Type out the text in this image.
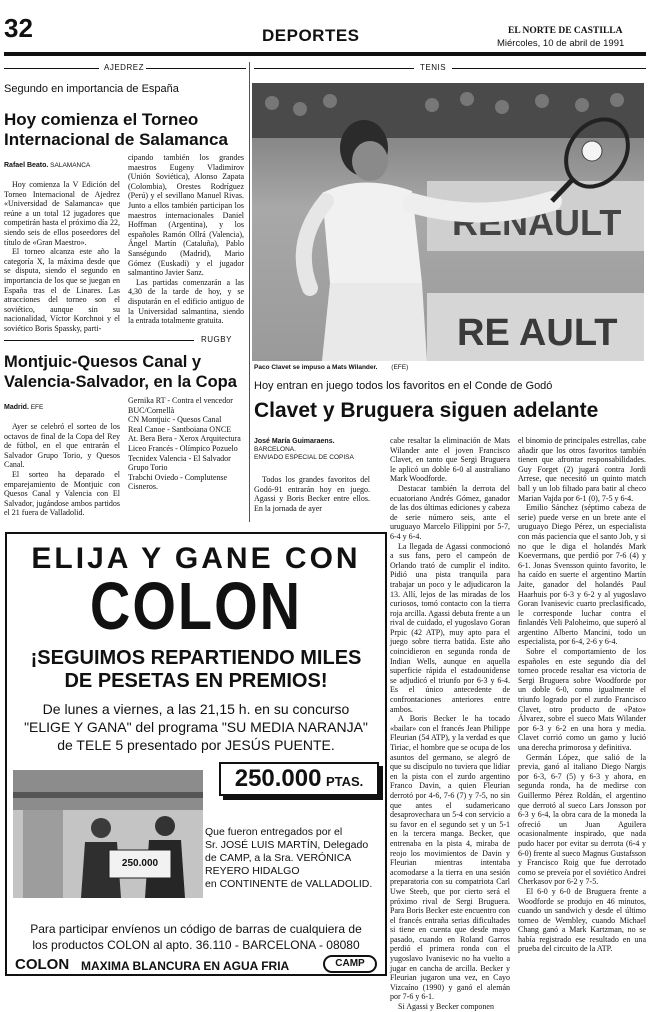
32	DEPORTES	EL NORTE DE CASTILLA
Miércoles, 10 de abril de 1991
AJEDREZ
Segundo en importancia de España
Hoy comienza el Torneo Internacional de Salamanca
Rafael Beato. SALAMANCA

Hoy comienza la V Edición del Torneo Internacional de Ajedrez «Universidad de Salamanca» que reúne a un total 12 jugadores que competirán hasta el próximo día 22, siendo seis de ellos poseedores del título de «Gran Maestro».

El torneo alcanza este año la categoría X, la máxima desde que se disputa, siendo el segundo en importancia de los que se juegan en España tras el de Linares. Las atracciones del torneo son el soviético, aunque sin su nacionalidad, Víctor Korchnoi y el soviético Boris Spassky, parti-

cipando también los grandes maestros Eugeny Vladimirov (Unión Soviética), Alonso Zapata (Colombia), Orestes Rodríguez (Perú) y el sevillano Manuel Rivas. Junto a ellos también participan los maestros internacionales Daniel Hoffman (Argentina), y los españoles Ramón Ollrá (Valencia), Ángel Martín (Cataluña), Pablo Sanségundo (Madrid), Mario Gómez (Euskadi) y el jugador salmantino Javier Sanz.

Las partidas comenzarán a las 4,30 de la tarde de hoy, y se disputarán en el edificio antiguo de la Universidad salmantina, siendo la entrada totalmente gratuita.

RUGBY
Montjuic-Quesos Canal y Valencia-Salvador, en la Copa
Madrid. EFE

Ayer se celebró el sorteo de los octavos de final de la Copa del Rey de fútbol, en el que entrarán el Salvador Grupo Torio, y Quesos Canal.

El sorteo ha deparado el emparejamiento de Montjuic con Quesos Canal y Valencia con El Salvador, jugándose ambos partidos el 21 fuera de Valladolid.

Gernika RT - Contra el vencedor BUC/Cornellà
CN Montjuic - Quesos Canal
Real Canoe - Santboiana ONCE
At. Bera Bera - Xerox Arquitectura
Liceo Francés - Olímpico Pozuelo
Tecnidex Valencia - El Salvador Grupo Torio
Trabchi Oviedo - Complutense Cisneros.
TENIS
RENAULT
RE AULT
Paco Clavet se impuso a Mats Wilander. (EFE)
Hoy entran en juego todos los favoritos en el Conde de Godó
Clavet y Bruguera siguen adelante
José María Guimaraens.
BARCELONA.
ENVIADO ESPECIAL DE COPISA

Todos los grandes favoritos del Godó-91 entrarán hoy en juego. Agassi y Boris Becker entre ellos. En la jornada de ayer

cabe resaltar la eliminación de Mats Wilander ante el joven Francisco Clavet, en tanto que Sergi Bruguera le aplicó un doble 6-0 al australiano Mark Woodforde.

Destacar también la derrota del ecuatoriano Andrés Gómez, ganador de las dos últimas ediciones y cabeza de serie número seis, ante el uruguayo Marcelo Filippini por 5-7, 6-4 y 6-4.

La llegada de Agassi conmocionó a sus fans, pero el campeón de Orlando trató de cumplir el indito. Pidió una pista tranquila para trabajar un poco y le adjudicaron la 13. Allí, lejos de las miradas de los curiosos, tomó contacto con la tierra roja arcilla. Agassi debuta frente a un rival de cuidado, el yugoslavo Goran Prpic (42 ATP), muy apto para el juego sobre tierra batida. Este año coincidieron en segunda ronda de Indian Wells, aunque en aquella superficie rápida el estadounidense se adjudicó el triunfo por 6-3 y 6-4. Es el único antecedente de confrontaciones anteriores entre ambos.

A Boris Becker le ha tocado «bailar» con el francés Jean Philippe Fleurian (54 ATP), y la verdad es que Tiriac, el hombre que se ocupa de los asuntos del germano, se alegró de que su discípulo no tuviera que lidiar en la pista con el zurdo argentino Franco Davin, a quien Fleurian derrotó por 4-6, 7-6 (7) y 7-5, no sin que antes el sudamericano desaprovechara un 5-4 con servicio a su favor en el segundo set y un 5-1 en la tercera manga. Becker, que entrenaba en la pista 4, miraba de reojo los movimientos de Davin y Fleurian mientras intentaba acomodarse a la tierra en una sesión preparatoria con su compatriota Carl Uwe Steeb, que por cierto será el próximo rival de Sergi Bruguera. Para Boris Becker este encuentro con el francés entraña serias dificultades si tiene en cuenta que desde mayo pasado, cuando en Roland Garros perdió el primera ronda con el yugoslavo Ivanisevic no ha vuelto a jugar en cancha de arcilla. Becker y Fleurian jugaron una vez, en Cayo Vizcaíno (1990) y ganó el alemán por 7-6 y 6-1.

Si Agassi y Becker componen

el binomio de principales estrellas, cabe añadir que los otros favoritos también tienen que afrontar responsabilidades. Guy Forget (2) jugará contra Jordi Arrese, que necesitó un quinto match ball y un lob filtado para batir al checo Marian Vajda por 6-1 (0), 7-5 y 6-4.

Emilio Sánchez (séptimo cabeza de serie) puede verse en un brete ante el uruguayo Diego Pérez, un especialista con más paciencia que el santo Job, y si no que le diga el holandés Mark Koevermans, que perdió por 7-6 (4) y 6-1. Jonas Svensson quinto favorito, le ha caído en suerte el argentino Martín Jaite, ganador del holandés Paul Haarhuis por 6-3 y 6-2 y al yugoslavo Goran Ivanisevic cuarto preclasificado, le corresponde luchar contra el finlandés Veli Paloheimo, que superó al argentino Alberto Mancini, todo un especialista, por 6-4, 2-6 y 6-4.

Sobre el comportamiento de los españoles en este segundo día del torneo procede resaltar esa victoria de Sergi Bruguera sobre Woodforde por un doble 6-0, como igualmente el triunfo logrado por el zurdo Francisco Clavet, otro producto de «Pato» Álvarez, sobre el sueco Mats Wilander por 6-3 y 6-2 en una hora y media. Clavet corrió como un gamo y lució una derecha primorosa y definitiva.

Germán López, que salió de la previa, ganó al italiano Diego Nargis por 6-3, 6-7 (5) y 6-3 y ahora, en segunda ronda, ha de medirse con Guillermo Pérez Roldán, el argentino que derrotó al sueco Lars Jonsson por 6-3 y 6-4, la obra cara de la moneda la ofreció un Juan Aguilera ocasionalmente inspirado, que nada pudo hacer por evitar su derrota (6-4 y 6-0) frente al sueco Magnus Gustafsson y Francisco Roig que fue derrotado como se preveía por el soviético Andrei Cherkasov por 6-2 y 7-5.

El 6-0 y 6-0 de Bruguera frente a Woodforde se produjo en 46 minutos, cuando un sandwich y desde el último torneo de Wembley, cuando Michael Chang ganó a Mark Kartzman, no se había registrado ese resultado en una prueba del circuito de la ATP.

ELIJA Y GANE CON
COLON
¡SEGUIMOS REPARTIENDO MILES
DE PESETAS EN PREMIOS!
De lunes a viernes, a las 21,15 h. en su concurso
"ELIGE Y GANA" del programa "SU MEDIA NARANJA"
de TELE 5 presentado por JESÚS PUENTE.
250.000 PTAS.
250.000
Que fueron entregados por el
Sr. JOSÉ LUIS MARTÍN, Delegado
de CAMP, a la Sra. VERÓNICA
REYERO HIDALGO
en CONTINENTE de VALLADOLID.
Para participar envíenos un código de barras de cualquiera de
los productos COLON al apto. 36.110 - BARCELONA - 08080
COLON MAXIMA BLANCURA EN AGUA FRIA	CAMP
